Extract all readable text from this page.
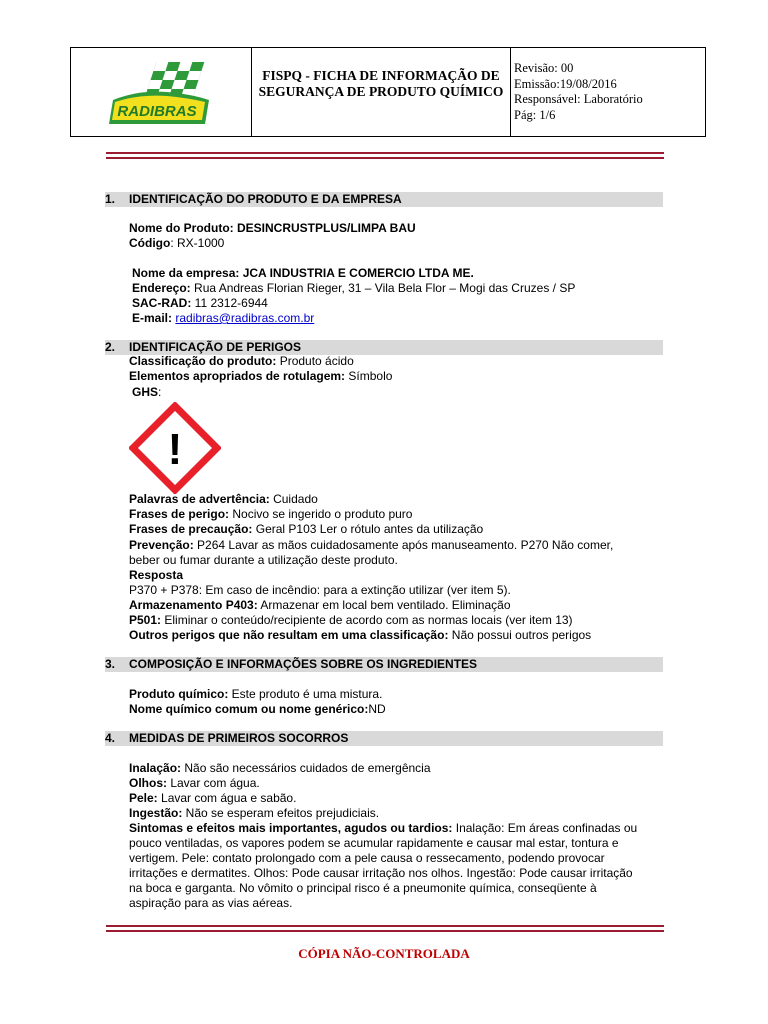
RADIBRAS
FISPQ - FICHA DE INFORMAÇÃO DE
SEGURANÇA DE PRODUTO QUÍMICO
Revisão: 00
Emissão:19/08/2016
Responsável: Laboratório
Pág: 1/6
1. IDENTIFICAÇÃO DO PRODUTO E DA EMPRESA
Nome do Produto: DESINCRUSTPLUS/LIMPA BAU
Código: RX-1000
Nome da empresa: JCA INDUSTRIA E COMERCIO LTDA ME.
Endereço: Rua Andreas Florian Rieger, 31 – Vila Bela Flor – Mogi das Cruzes / SP
SAC-RAD: 11 2312-6944
E-mail: radibras@radibras.com.br
2. IDENTIFICAÇÃO DE PERIGOS
Classificação do produto: Produto ácido
Elementos apropriados de rotulagem: Símbolo
GHS:
!
Palavras de advertência: Cuidado
Frases de perigo: Nocivo se ingerido o produto puro
Frases de precaução: Geral P103 Ler o rótulo antes da utilização
Prevenção: P264 Lavar as mãos cuidadosamente após manuseamento. P270 Não comer,
beber ou fumar durante a utilização deste produto.
Resposta
P370 + P378: Em caso de incêndio: para a extinção utilizar (ver item 5).
Armazenamento P403: Armazenar em local bem ventilado. Eliminação
P501: Eliminar o conteúdo/recipiente de acordo com as normas locais (ver item 13)
Outros perigos que não resultam em uma classificação: Não possui outros perigos
3. COMPOSIÇÃO E INFORMAÇÕES SOBRE OS INGREDIENTES
Produto químico: Este produto é uma mistura.
Nome químico comum ou nome genérico:ND
4. MEDIDAS DE PRIMEIROS SOCORROS
Inalação: Não são necessários cuidados de emergência
Olhos: Lavar com água.
Pele: Lavar com água e sabão.
Ingestão: Não se esperam efeitos prejudiciais.
Sintomas e efeitos mais importantes, agudos ou tardios: Inalação: Em áreas confinadas ou
pouco ventiladas, os vapores podem se acumular rapidamente e causar mal estar, tontura e
vertigem. Pele: contato prolongado com a pele causa o ressecamento, podendo provocar
irritações e dermatites. Olhos: Pode causar irritação nos olhos. Ingestão: Pode causar irritação
na boca e garganta. No vômito o principal risco é a pneumonite química, conseqüente à
aspiração para as vias aéreas.
CÓPIA NÃO-CONTROLADA
